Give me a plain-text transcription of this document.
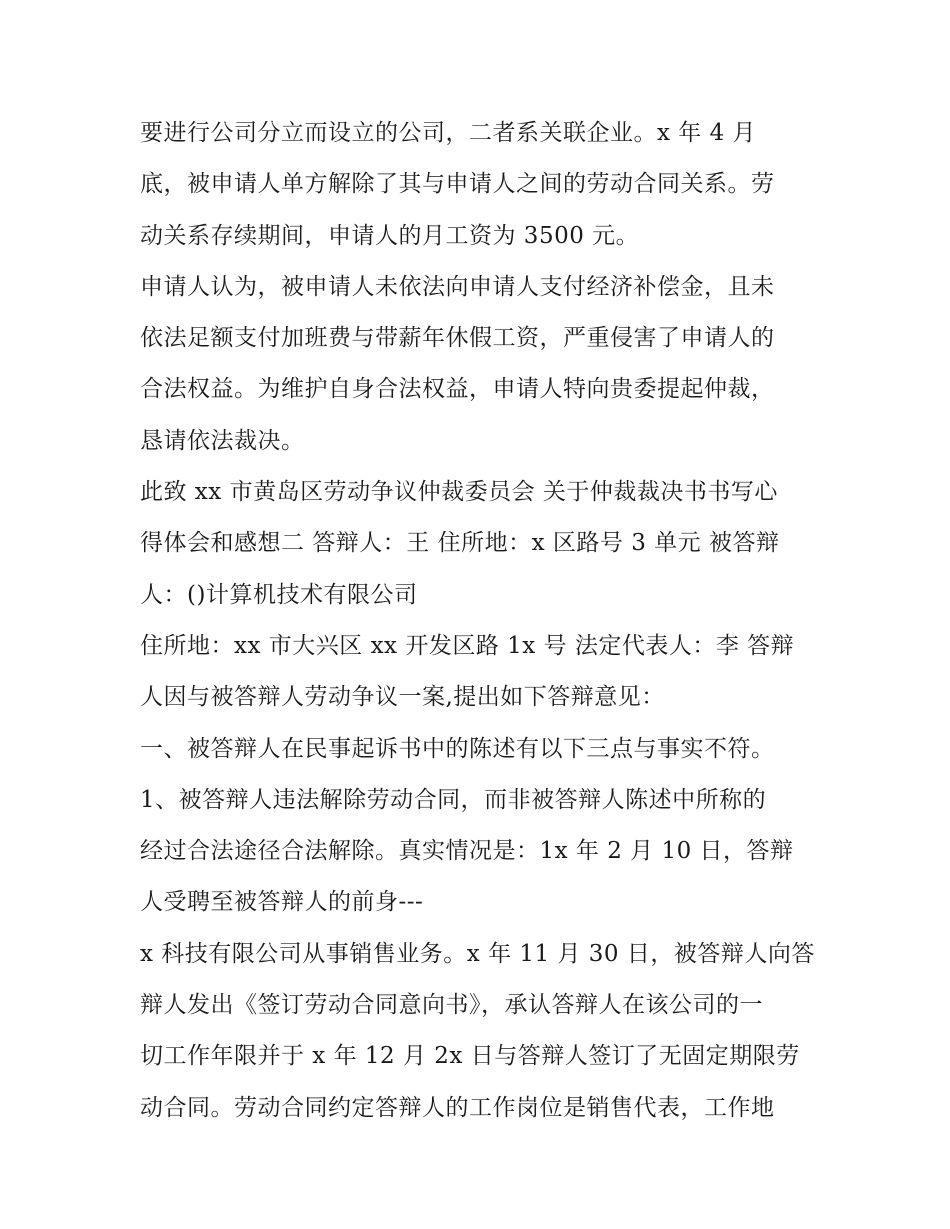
要进行公司分立而设立的公司，二者系关联企业。x 年 4 月
底，被申请人单方解除了其与申请人之间的劳动合同关系。劳
动关系存续期间，申请人的月工资为 3500 元。
申请人认为，被申请人未依法向申请人支付经济补偿金，且未
依法足额支付加班费与带薪年休假工资，严重侵害了申请人的
合法权益。为维护自身合法权益，申请人特向贵委提起仲裁，
恳请依法裁决。
此致 xx 市黄岛区劳动争议仲裁委员会 关于仲裁裁决书书写心
得体会和感想二 答辩人：王 住所地：x 区路号 3 单元 被答辩
人：()计算机技术有限公司
住所地：xx 市大兴区 xx 开发区路 1x 号 法定代表人：李 答辩
人因与被答辩人劳动争议一案,提出如下答辩意见：
一、被答辩人在民事起诉书中的陈述有以下三点与事实不符。
1、被答辩人违法解除劳动合同，而非被答辩人陈述中所称的
经过合法途径合法解除。真实情况是：1x 年 2 月 10 日，答辩
人受聘至被答辩人的前身---
x 科技有限公司从事销售业务。x 年 11 月 30 日，被答辩人向答
辩人发出《签订劳动合同意向书》，承认答辩人在该公司的一
切工作年限并于 x 年 12 月 2x 日与答辩人签订了无固定期限劳
动合同。劳动合同约定答辩人的工作岗位是销售代表，工作地
